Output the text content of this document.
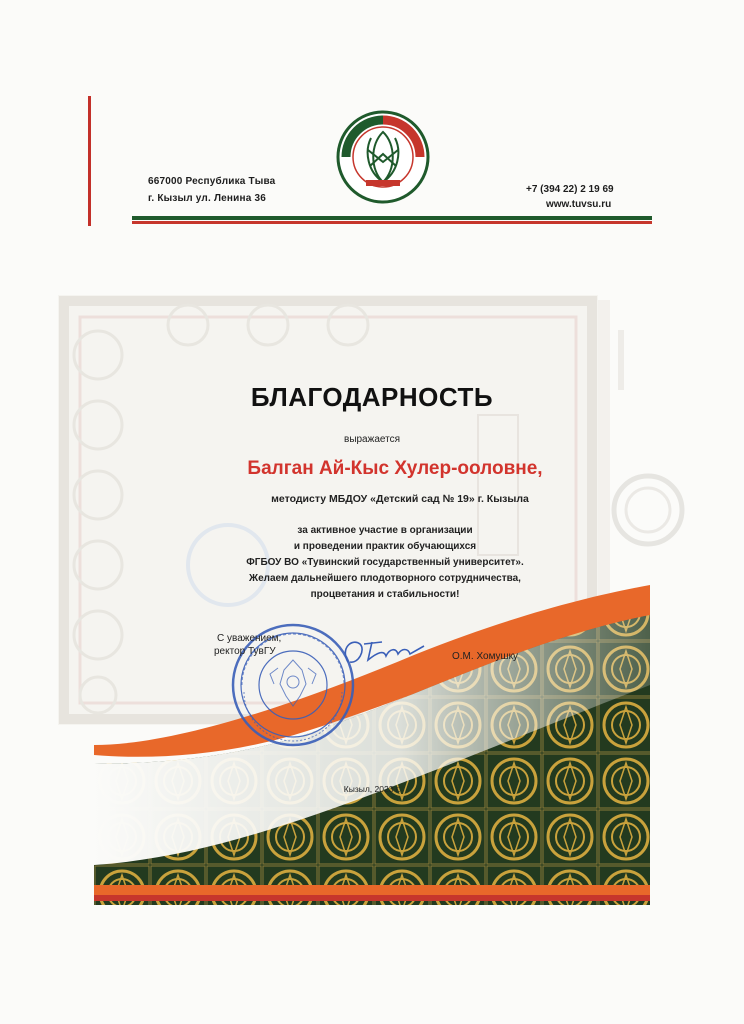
667000 Республика Тыва
г. Кызыл ул. Ленина 36
+7 (394 22) 2 19 69
www.tuvsu.ru
БЛАГОДАРНОСТЬ
выражается
Балган Ай-Кыс Хулер-ооловне,
методисту МБДОУ «Детский сад № 19» г. Кызыла
за активное участие в организации
и проведении практик обучающихся
ФГБОУ ВО «Тувинский государственный университет».
Желаем дальнейшего плодотворного сотрудничества,
процветания и стабильности!
С уважением,
ректор ТувГУ	О.М. Хомушку
Кызыл, 2023 г.
